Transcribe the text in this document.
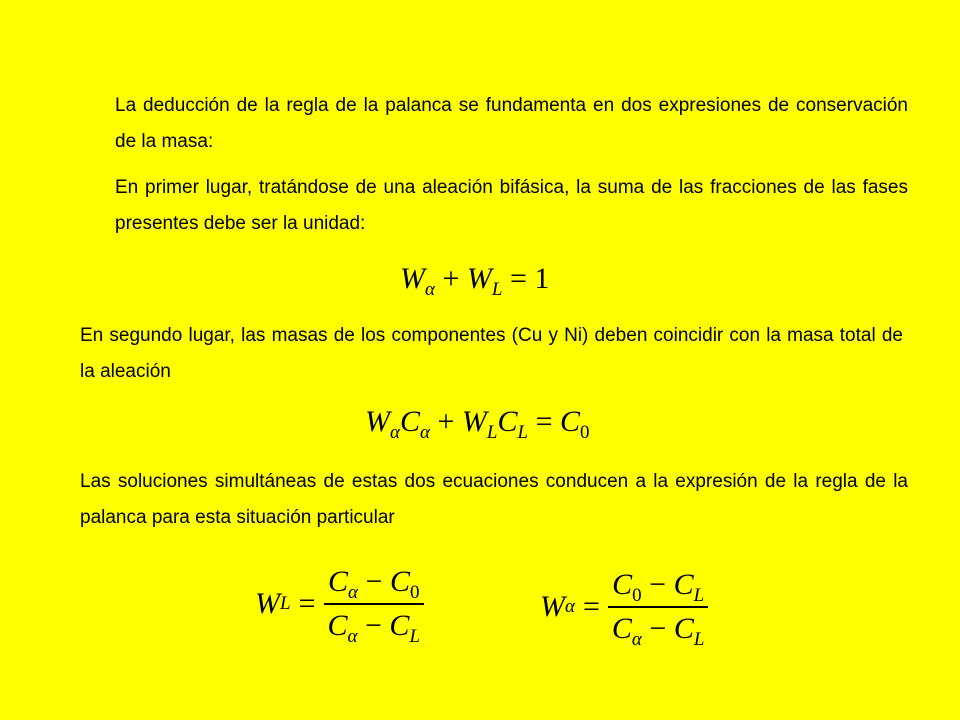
La deducción de la regla de la palanca se fundamenta en dos expresiones de conservación de la masa:

En primer lugar, tratándose de una aleación bifásica, la suma de las fracciones de las fases presentes debe ser la unidad:

$W_\alpha + W_L = 1$

En segundo lugar, las masas de los componentes (Cu y Ni) deben coincidir con la masa total de la aleación

$W_\alpha C_\alpha + W_LC_L = C_0$

Las soluciones simultáneas de estas dos ecuaciones conducen a la expresión de la regla de la palanca para esta situación particular

W $L = \frac{C_\alpha - C_0}{C_\alpha - C_L}$	W $\alpha = \frac{C_0 - C_L}{C_\alpha - C_L}$
